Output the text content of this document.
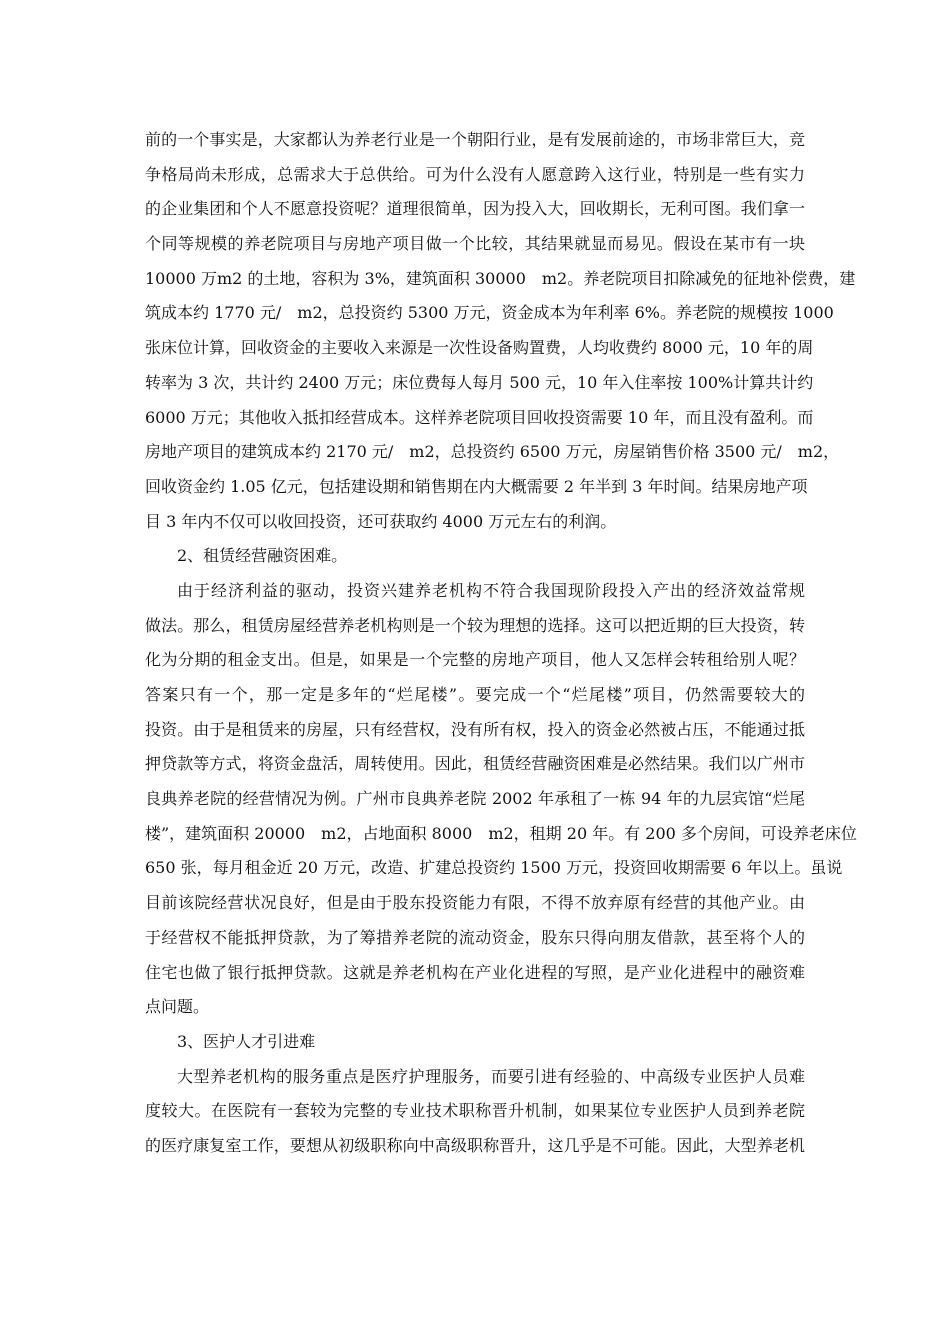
前的一个事实是，大家都认为养老行业是一个朝阳行业，是有发展前途的，市场非常巨大，竞
争格局尚未形成，总需求大于总供给。可为什么没有人愿意跨入这行业，特别是一些有实力
的企业集团和个人不愿意投资呢？道理很简单，因为投入大，回收期长，无利可图。我们拿一
个同等规模的养老院项目与房地产项目做一个比较，其结果就显而易见。假设在某市有一块
10000 万m2 的土地，容积为 3%，建筑面积 30000　m2。养老院项目扣除减免的征地补偿费，建
筑成本约 1770 元/　m2，总投资约 5300 万元，资金成本为年利率 6%。养老院的规模按 1000
张床位计算，回收资金的主要收入来源是一次性设备购置费，人均收费约 8000 元，10 年的周
转率为 3 次，共计约 2400 万元；床位费每人每月 500 元，10 年入住率按 100%计算共计约
6000 万元；其他收入抵扣经营成本。这样养老院项目回收投资需要 10 年，而且没有盈利。而
房地产项目的建筑成本约 2170 元/　m2，总投资约 6500 万元，房屋销售价格 3500 元/　m2，
回收资金约 1.05 亿元，包括建设期和销售期在内大概需要 2 年半到 3 年时间。结果房地产项
目 3 年内不仅可以收回投资，还可获取约 4000 万元左右的利润。
2、租赁经营融资困难。
由于经济利益的驱动，投资兴建养老机构不符合我国现阶段投入产出的经济效益常规
做法。那么，租赁房屋经营养老机构则是一个较为理想的选择。这可以把近期的巨大投资，转
化为分期的租金支出。但是，如果是一个完整的房地产项目，他人又怎样会转租给别人呢？
答案只有一个，那一定是多年的“烂尾楼”。要完成一个“烂尾楼”项目，仍然需要较大的
投资。由于是租赁来的房屋，只有经营权，没有所有权，投入的资金必然被占压，不能通过抵
押贷款等方式，将资金盘活，周转使用。因此，租赁经营融资困难是必然结果。我们以广州市
良典养老院的经营情况为例。广州市良典养老院 2002 年承租了一栋 94 年的九层宾馆“烂尾
楼”，建筑面积 20000　m2，占地面积 8000　m2，租期 20 年。有 200 多个房间，可设养老床位
650 张，每月租金近 20 万元，改造、扩建总投资约 1500 万元，投资回收期需要 6 年以上。虽说
目前该院经营状况良好，但是由于股东投资能力有限，不得不放弃原有经营的其他产业。由
于经营权不能抵押贷款，为了筹措养老院的流动资金，股东只得向朋友借款，甚至将个人的
住宅也做了银行抵押贷款。这就是养老机构在产业化进程的写照，是产业化进程中的融资难
点问题。
3、医护人才引进难
大型养老机构的服务重点是医疗护理服务，而要引进有经验的、中高级专业医护人员难
度较大。在医院有一套较为完整的专业技术职称晋升机制，如果某位专业医护人员到养老院
的医疗康复室工作，要想从初级职称向中高级职称晋升，这几乎是不可能。因此，大型养老机
